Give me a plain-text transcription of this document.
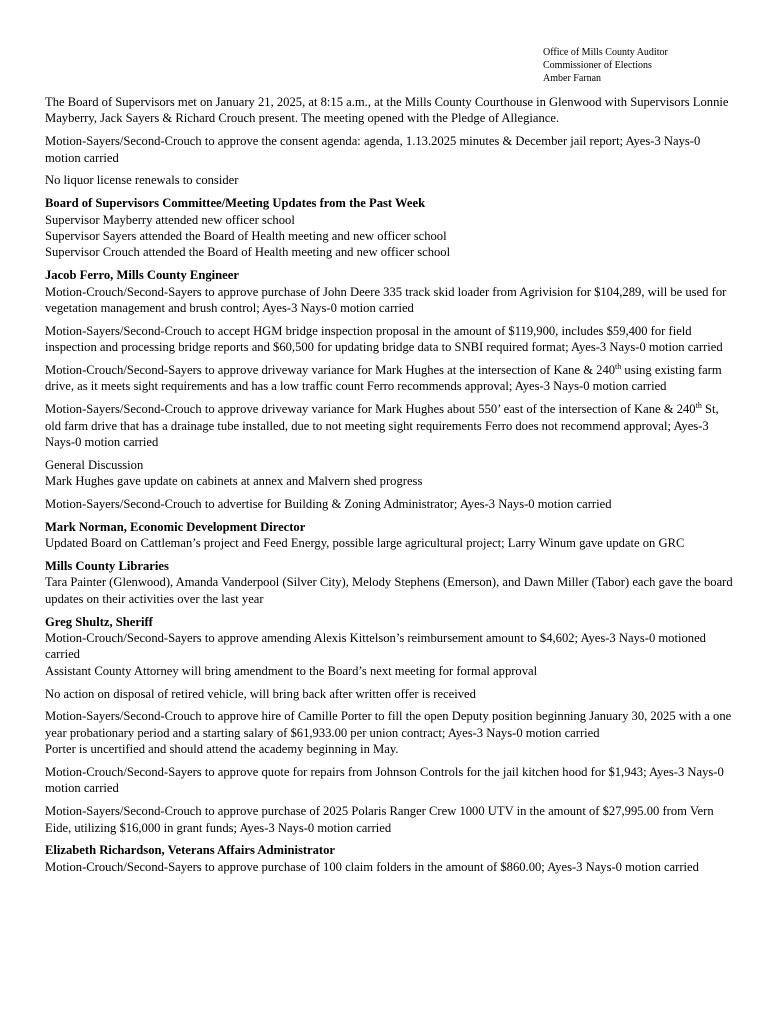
Office of Mills County Auditor
Commissioner of Elections
Amber Farnan

The Board of Supervisors met on January 21, 2025, at 8:15 a.m., at the Mills County Courthouse in Glenwood with Supervisors Lonnie Mayberry, Jack Sayers & Richard Crouch present. The meeting opened with the Pledge of Allegiance.

Motion-Sayers/Second-Crouch to approve the consent agenda: agenda, 1.13.2025 minutes & December jail report; Ayes-3 Nays-0 motion carried

No liquor license renewals to consider

Board of Supervisors Committee/Meeting Updates from the Past Week
Supervisor Mayberry attended new officer school
Supervisor Sayers attended the Board of Health meeting and new officer school
Supervisor Crouch attended the Board of Health meeting and new officer school

Jacob Ferro, Mills County Engineer
Motion-Crouch/Second-Sayers to approve purchase of John Deere 335 track skid loader from Agrivision for $104,289, will be used for vegetation management and brush control; Ayes-3 Nays-0 motion carried

Motion-Sayers/Second-Crouch to accept HGM bridge inspection proposal in the amount of $119,900, includes $59,400 for field inspection and processing bridge reports and $60,500 for updating bridge data to SNBI required format; Ayes-3 Nays-0 motion carried

Motion-Crouch/Second-Sayers to approve driveway variance for Mark Hughes at the intersection of Kane & 240th using existing farm drive, as it meets sight requirements and has a low traffic count Ferro recommends approval; Ayes-3 Nays-0 motion carried

Motion-Sayers/Second-Crouch to approve driveway variance for Mark Hughes about 550’ east of the intersection of Kane & 240th St, old farm drive that has a drainage tube installed, due to not meeting sight requirements Ferro does not recommend approval; Ayes-3 Nays-0 motion carried

General Discussion
Mark Hughes gave update on cabinets at annex and Malvern shed progress

Motion-Sayers/Second-Crouch to advertise for Building & Zoning Administrator; Ayes-3 Nays-0 motion carried

Mark Norman, Economic Development Director
Updated Board on Cattleman’s project and Feed Energy, possible large agricultural project; Larry Winum gave update on GRC

Mills County Libraries
Tara Painter (Glenwood), Amanda Vanderpool (Silver City), Melody Stephens (Emerson), and Dawn Miller (Tabor) each gave the board updates on their activities over the last year

Greg Shultz, Sheriff
Motion-Crouch/Second-Sayers to approve amending Alexis Kittelson’s reimbursement amount to $4,602; Ayes-3 Nays-0 motioned carried
Assistant County Attorney will bring amendment to the Board’s next meeting for formal approval

No action on disposal of retired vehicle, will bring back after written offer is received

Motion-Sayers/Second-Crouch to approve hire of Camille Porter to fill the open Deputy position beginning January 30, 2025 with a one year probationary period and a starting salary of $61,933.00 per union contract; Ayes-3 Nays-0 motion carried
Porter is uncertified and should attend the academy beginning in May.

Motion-Crouch/Second-Sayers to approve quote for repairs from Johnson Controls for the jail kitchen hood for $1,943; Ayes-3 Nays-0 motion carried

Motion-Sayers/Second-Crouch to approve purchase of 2025 Polaris Ranger Crew 1000 UTV in the amount of $27,995.00 from Vern Eide, utilizing $16,000 in grant funds; Ayes-3 Nays-0 motion carried

Elizabeth Richardson, Veterans Affairs Administrator
Motion-Crouch/Second-Sayers to approve purchase of 100 claim folders in the amount of $860.00; Ayes-3 Nays-0 motion carried
